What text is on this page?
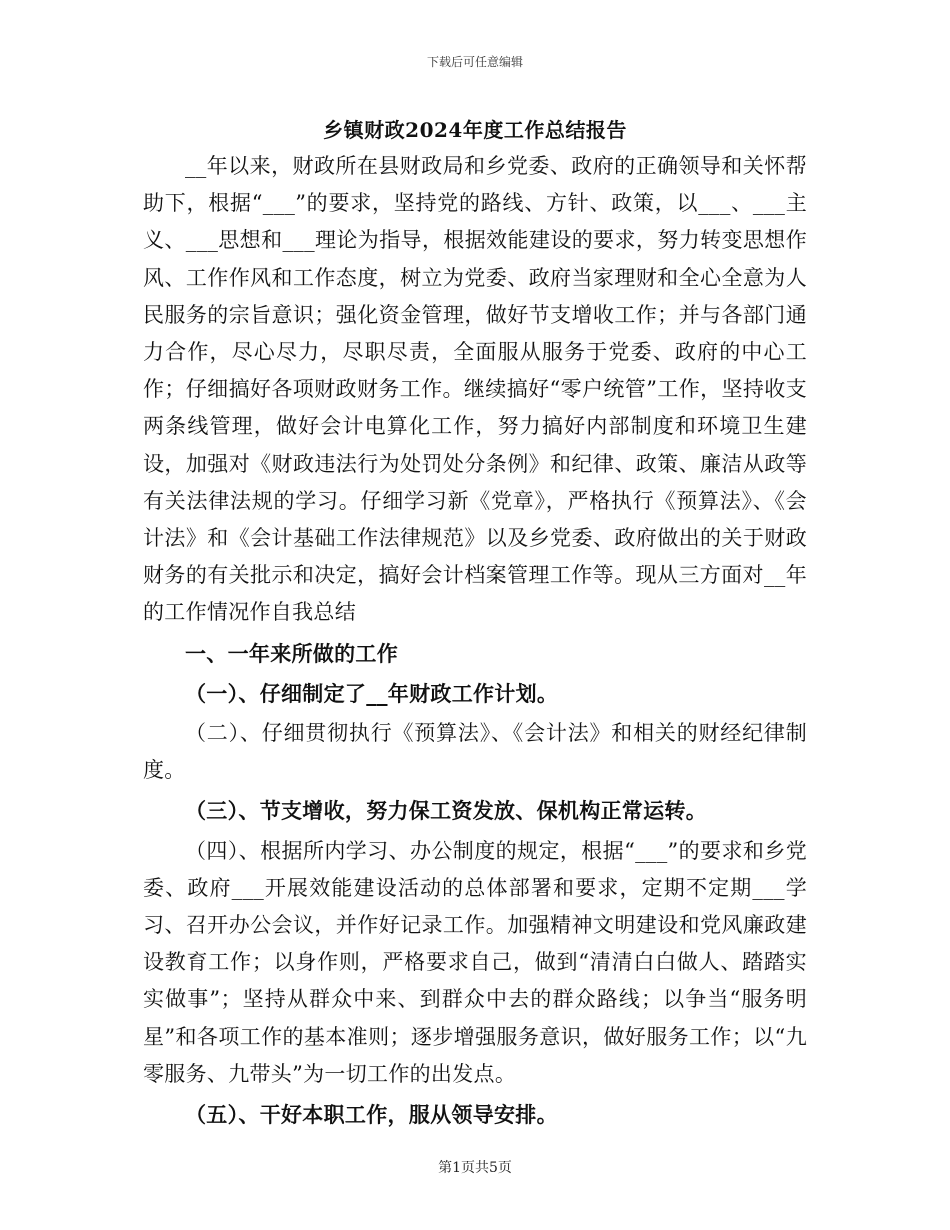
下载后可任意编辑
乡镇财政2024年度工作总结报告

__年以来，财政所在县财政局和乡党委、政府的正确领导和关怀帮助下，根据“___”的要求，坚持党的路线、方针、政策，以___、___主义、___思想和___理论为指导，根据效能建设的要求，努力转变思想作风、工作作风和工作态度，树立为党委、政府当家理财和全心全意为人民服务的宗旨意识；强化资金管理，做好节支增收工作；并与各部门通力合作，尽心尽力，尽职尽责，全面服从服务于党委、政府的中心工作；仔细搞好各项财政财务工作。继续搞好“零户统管”工作，坚持收支两条线管理，做好会计电算化工作，努力搞好内部制度和环境卫生建设，加强对《财政违法行为处罚处分条例》和纪律、政策、廉洁从政等有关法律法规的学习。仔细学习新《党章》，严格执行《预算法》、《会计法》和《会计基础工作法律规范》以及乡党委、政府做出的关于财政财务的有关批示和决定，搞好会计档案管理工作等。现从三方面对__年的工作情况作自我总结

一、一年来所做的工作

（一）、仔细制定了__年财政工作计划。

（二）、仔细贯彻执行《预算法》、《会计法》和相关的财经纪律制度。

（三）、节支增收，努力保工资发放、保机构正常运转。

（四）、根据所内学习、办公制度的规定，根据“___”的要求和乡党委、政府___开展效能建设活动的总体部署和要求，定期不定期___学习、召开办公会议，并作好记录工作。加强精神文明建设和党风廉政建设教育工作；以身作则，严格要求自己，做到“清清白白做人、踏踏实实做事”；坚持从群众中来、到群众中去的群众路线；以争当“服务明星”和各项工作的基本准则；逐步增强服务意识，做好服务工作；以“九零服务、九带头”为一切工作的出发点。

（五）、干好本职工作，服从领导安排。

第1页共5页
